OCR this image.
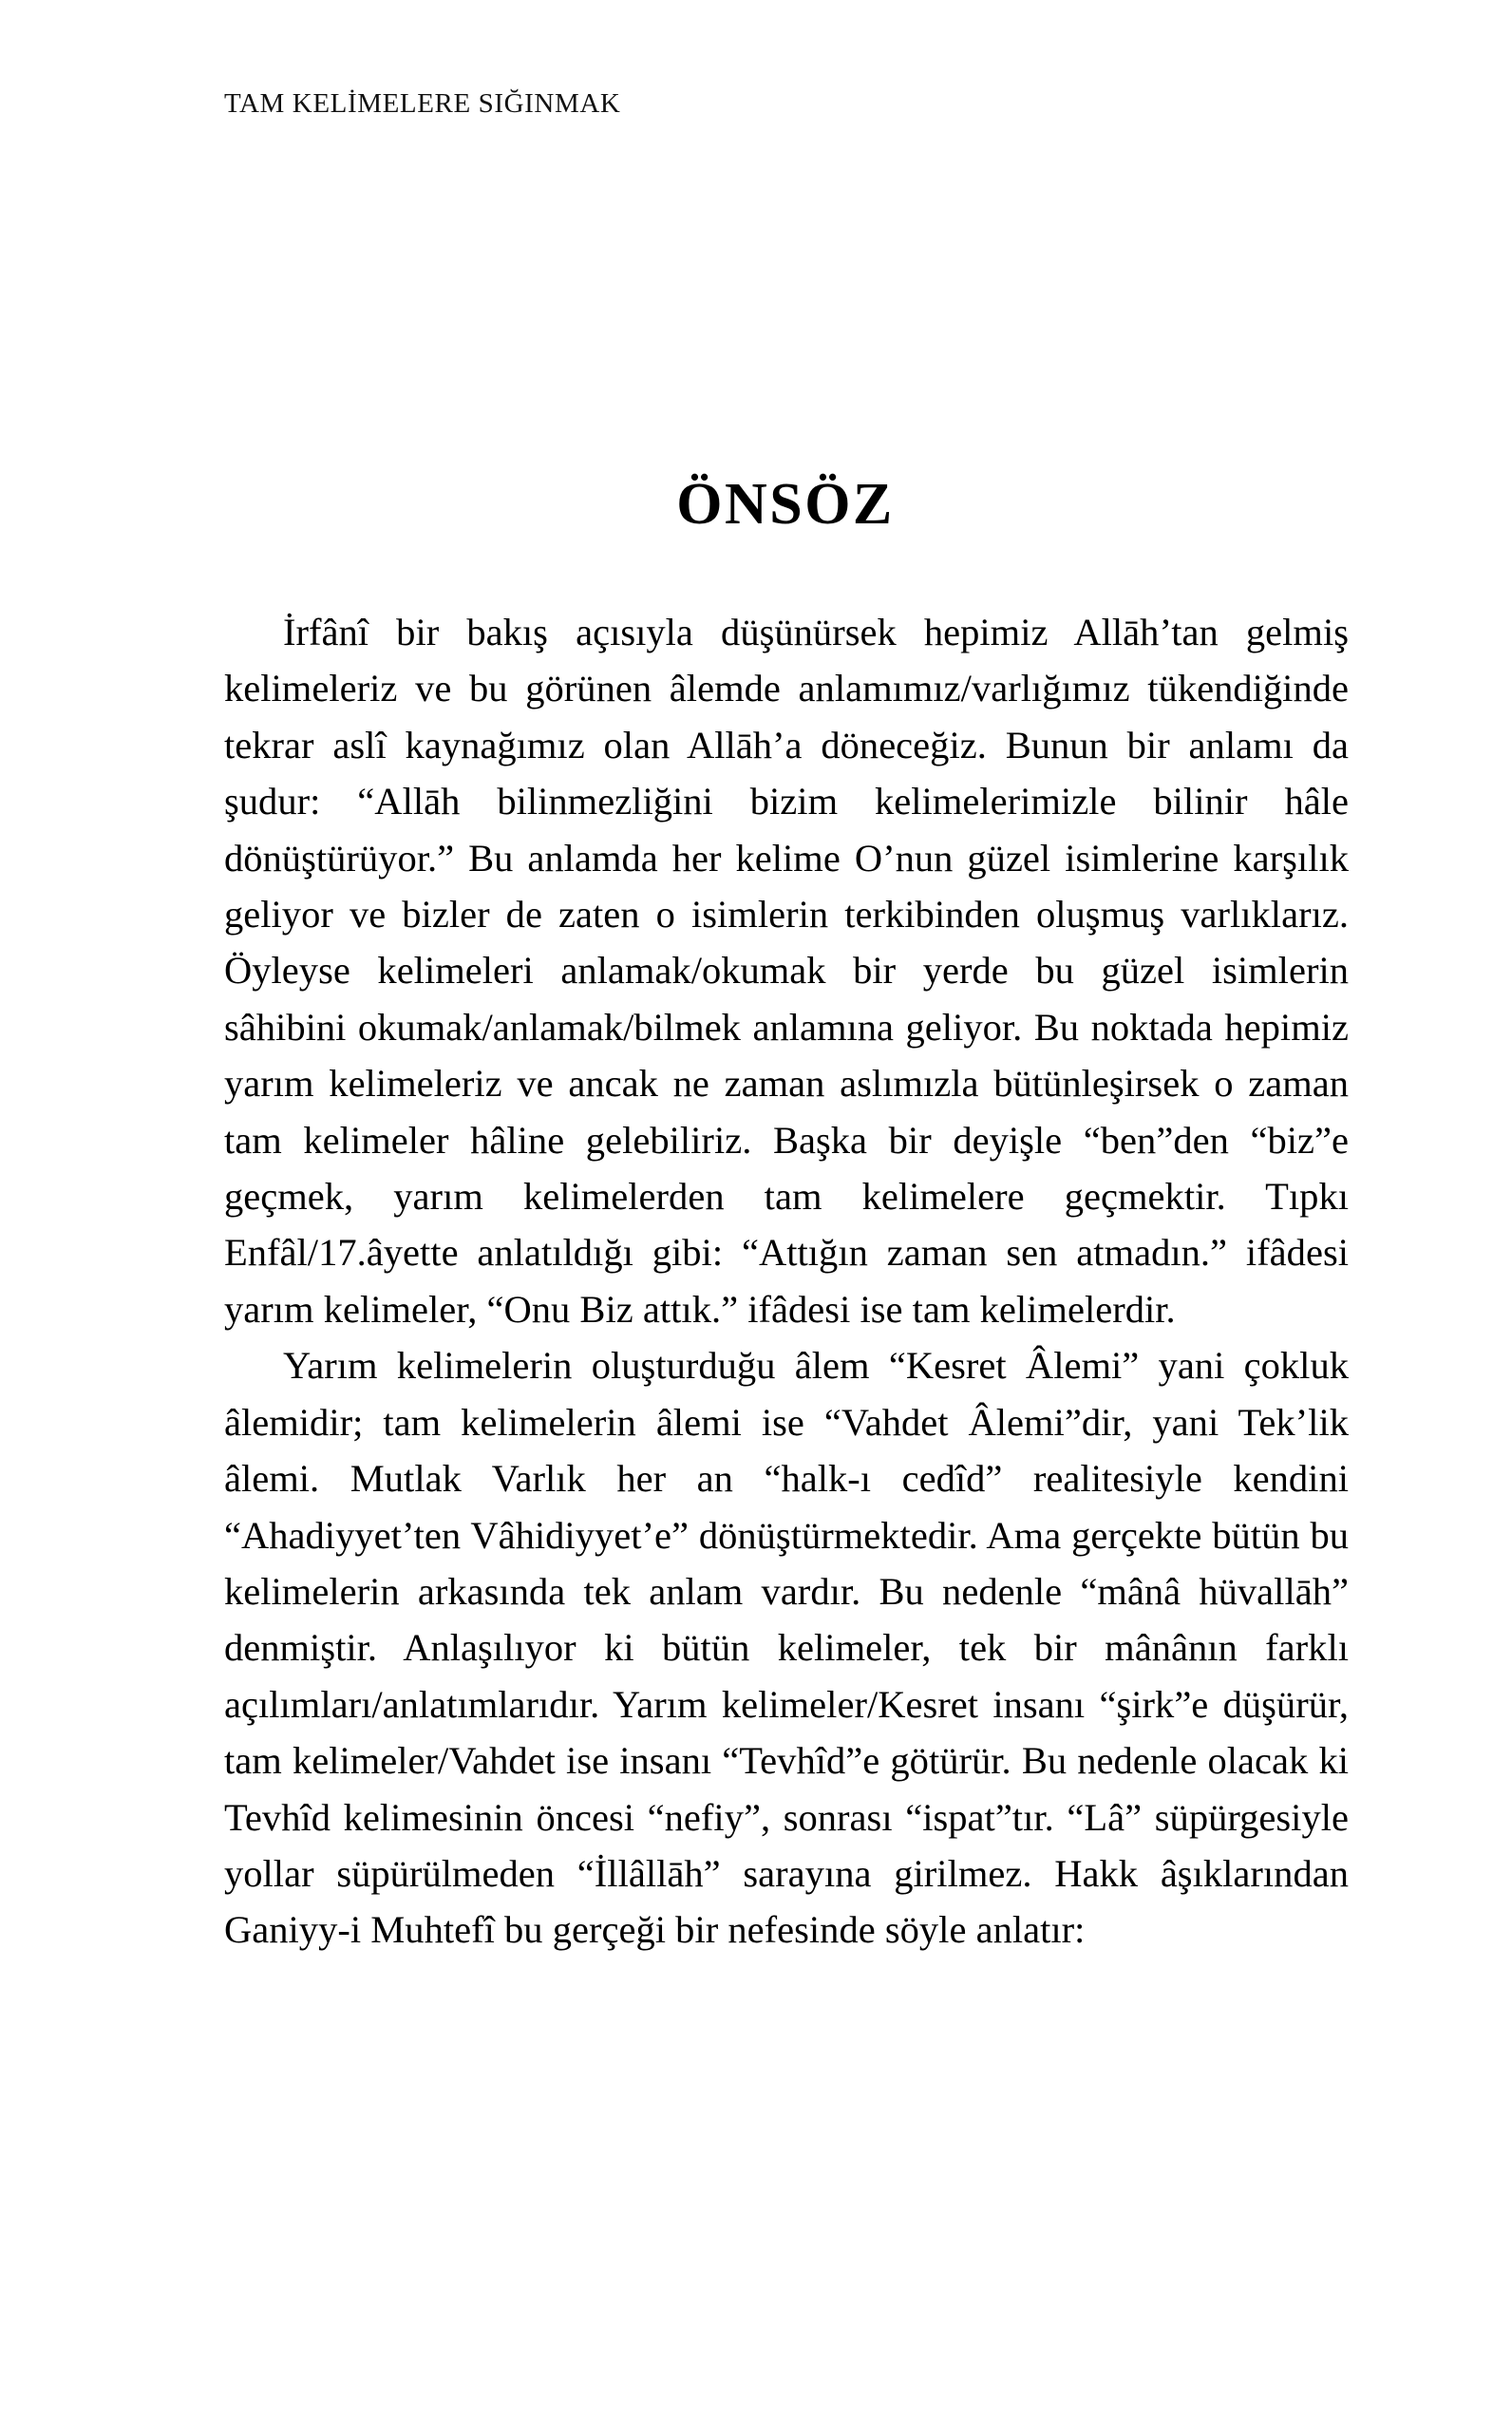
TAM KELİMELERE SIĞINMAK
ÖNSÖZ

İrfânî bir bakış açısıyla düşünürsek hepimiz Allāh’tan gelmiş kelimeleriz ve bu görünen âlemde anlamımız/varlığımız tükendiğinde tekrar aslî kaynağımız olan Allāh’a döneceğiz. Bunun bir anlamı da şudur: “Allāh bilinmezliğini bizim kelimelerimizle bilinir hâle dönüştürüyor.” Bu anlamda her kelime O’nun güzel isimlerine karşılık geliyor ve bizler de zaten o isimlerin terkibinden oluşmuş varlıklarız. Öyleyse kelimeleri anlamak/okumak bir yerde bu güzel isimlerin sâhibini okumak/anlamak/bilmek anlamına geliyor. Bu noktada hepimiz yarım kelimeleriz ve ancak ne zaman aslımızla bütünleşirsek o zaman tam kelimeler hâline gelebiliriz. Başka bir deyişle “ben”den “biz”e geçmek, yarım kelimelerden tam kelimelere geçmektir. Tıpkı Enfâl/17.âyette anlatıldığı gibi: “Attığın zaman sen atmadın.” ifâdesi yarım kelimeler, “Onu Biz attık.” ifâdesi ise tam kelimelerdir.

Yarım kelimelerin oluşturduğu âlem “Kesret Âlemi” yani çokluk âlemidir; tam kelimelerin âlemi ise “Vahdet Âlemi”dir, yani Tek’lik âlemi. Mutlak Varlık her an “halk-ı cedîd” realitesiyle kendini “Ahadiyyet’ten Vâhidiyyet’e” dönüştürmektedir. Ama gerçekte bütün bu kelimelerin arkasında tek anlam vardır. Bu nedenle “mânâ hüvallāh” denmiştir. Anlaşılıyor ki bütün kelimeler, tek bir mânânın farklı açılımları/anlatımlarıdır. Yarım kelimeler/Kesret insanı “şirk”e düşürür, tam kelimeler/Vahdet ise insanı “Tevhîd”e götürür. Bu nedenle olacak ki Tevhîd kelimesinin öncesi “nefiy”, sonrası “ispat”tır. “Lâ” süpürgesiyle yollar süpürülmeden “İllâllāh” sarayına girilmez. Hakk âşıklarından Ganiyy-i Muhtefî bu gerçeği bir nefesinde söyle anlatır:
